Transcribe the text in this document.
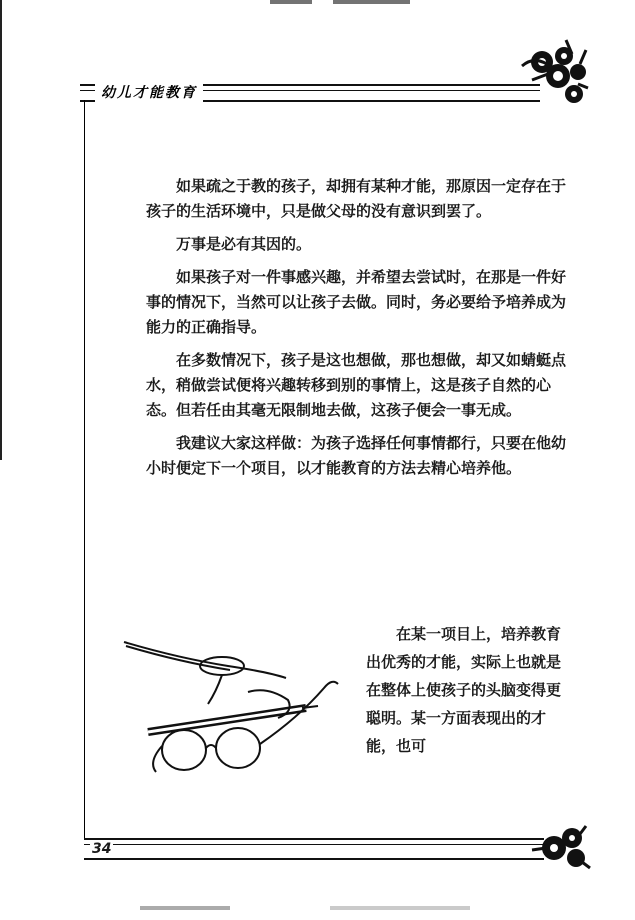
幼儿才能教育

如果疏之于教的孩子，却拥有某种才能，那原因一定存在于孩子的生活环境中，只是做父母的没有意识到罢了。

万事是必有其因的。

如果孩子对一件事感兴趣，并希望去尝试时，在那是一件好事的情况下，当然可以让孩子去做。同时，务必要给予培养成为能力的正确指导。

在多数情况下，孩子是这也想做，那也想做，却又如蜻蜓点水，稍做尝试便将兴趣转移到别的事情上，这是孩子自然的心态。但若任由其毫无限制地去做，这孩子便会一事无成。

我建议大家这样做：为孩子选择任何事情都行，只要在他幼小时便定下一个项目，以才能教育的方法去精心培养他。

在某一项目上，培养教育出优秀的才能，实际上也就是在整体上使孩子的头脑变得更聪明。某一方面表现出的才能，也可

34
